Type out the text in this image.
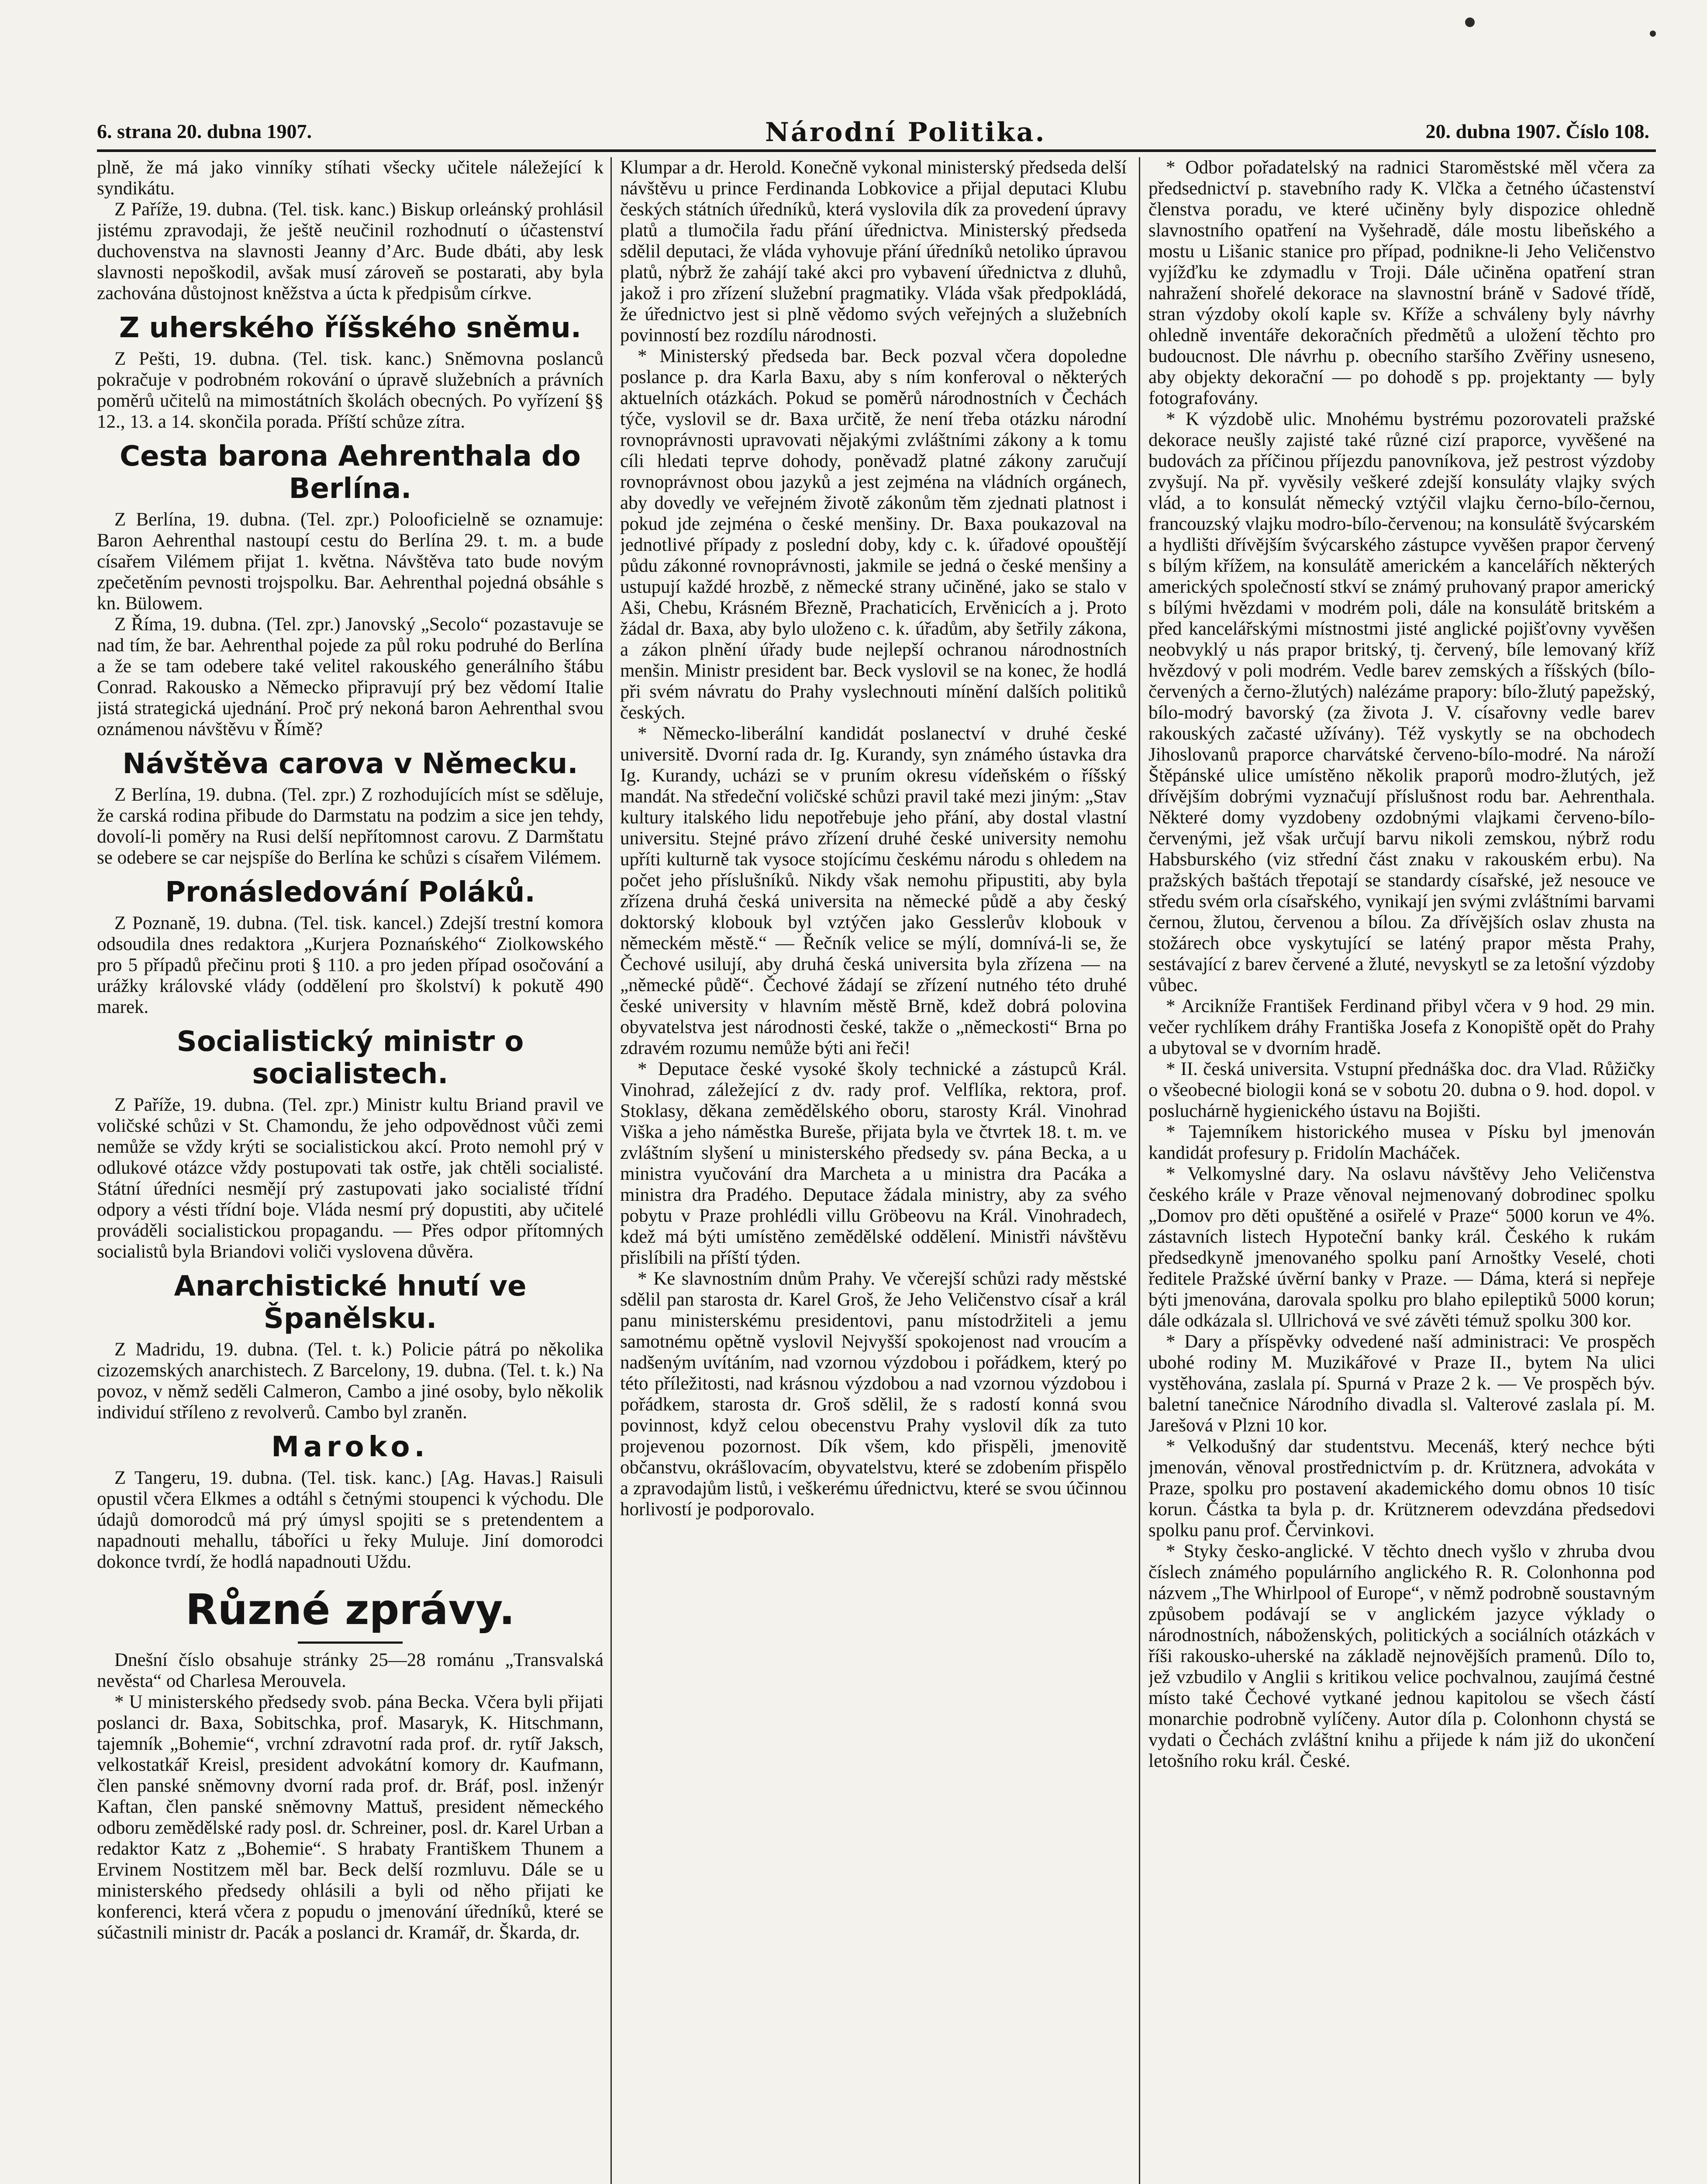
6. strana 20. dubna 1907.	Národní Politika.	20. dubna 1907. Číslo 108.

plně, že má jako vinníky stíhati všecky učitele náležející k syndikátu.

Z Paříže, 19. dubna. (Tel. tisk. kanc.) Biskup orleánský prohlásil jistému zpravodaji, že ještě neučinil rozhodnutí o účastenství duchovenstva na slavnosti Jeanny d’Arc. Bude dbáti, aby lesk slavnosti nepoškodil, avšak musí zároveň se postarati, aby byla zachována důstojnost kněžstva a úcta k předpisům církve.

Z uherského říšského sněmu.

Z Pešti, 19. dubna. (Tel. tisk. kanc.) Sněmovna poslanců pokračuje v podrobném rokování o úpravě služebních a právních poměrů učitelů na mimostátních školách obecných. Po vyřízení §§ 12., 13. a 14. skončila porada. Příští schůze zítra.

Cesta barona Aehrenthala do Berlína.

Z Berlína, 19. dubna. (Tel. zpr.) Polooficielně se oznamuje: Baron Aehrenthal nastoupí cestu do Berlína 29. t. m. a bude císařem Vilémem přijat 1. května. Návštěva tato bude novým zpečetěním pevnosti trojspolku. Bar. Aehrenthal pojedná obsáhle s kn. Bülowem.

Z Říma, 19. dubna. (Tel. zpr.) Janovský „Secolo“ pozastavuje se nad tím, že bar. Aehrenthal pojede za půl roku podruhé do Berlína a že se tam odebere také velitel rakouského generálního štábu Conrad. Rakousko a Německo připravují prý bez vědomí Italie jistá strategická ujednání. Proč prý nekoná baron Aehrenthal svou oznámenou návštěvu v Římě?

Návštěva carova v Německu.

Z Berlína, 19. dubna. (Tel. zpr.) Z rozhodujících míst se sděluje, že carská rodina přibude do Darmstatu na podzim a sice jen tehdy, dovolí-li poměry na Rusi delší nepřítomnost carovu. Z Darmštatu se odebere se car nejspíše do Berlína ke schůzi s císařem Vilémem.

Pronásledování Poláků.

Z Poznaně, 19. dubna. (Tel. tisk. kancel.) Zdejší trestní komora odsoudila dnes redaktora „Kurjera Poznańského“ Ziolkowského pro 5 případů přečinu proti § 110. a pro jeden případ osočování a urážky královské vlády (oddělení pro školství) k pokutě 490 marek.

Socialistický ministr o socialistech.

Z Paříže, 19. dubna. (Tel. zpr.) Ministr kultu Briand pravil ve voličské schůzi v St. Chamondu, že jeho odpovědnost vůči zemi nemůže se vždy krýti se socialistickou akcí. Proto nemohl prý v odlukové otázce vždy postupovati tak ostře, jak chtěli socialisté. Státní úředníci nesmějí prý zastupovati jako socialisté třídní odpory a vésti třídní boje. Vláda nesmí prý dopustiti, aby učitelé prováděli socialistickou propagandu. — Přes odpor přítomných socialistů byla Briandovi voliči vyslovena důvěra.

Anarchistické hnutí ve Španělsku.

Z Madridu, 19. dubna. (Tel. t. k.) Policie pátrá po několika cizozemských anarchistech. Z Barcelony, 19. dubna. (Tel. t. k.) Na povoz, v němž seděli Calmeron, Cambo a jiné osoby, bylo několik individuí stříleno z revolverů. Cambo byl zraněn.

Maroko.

Z Tangeru, 19. dubna. (Tel. tisk. kanc.) [Ag. Havas.] Raisuli opustil včera Elkmes a odtáhl s četnými stoupenci k východu. Dle údajů domorodců má prý úmysl spojiti se s pretendentem a napadnouti mehallu, táboříci u řeky Muluje. Jiní domorodci dokonce tvrdí, že hodlá napadnouti Uždu.

Různé zprávy.

Dnešní číslo obsahuje stránky 25—28 románu „Transvalská nevěsta“ od Charlesa Merouvela.

* U ministerského předsedy svob. pána Becka. Včera byli přijati poslanci dr. Baxa, Sobitschka, prof. Masaryk, K. Hitschmann, tajemník „Bohemie“, vrchní zdravotní rada prof. dr. rytíř Jaksch, velkostatkář Kreisl, president advokátní komory dr. Kaufmann, člen panské sněmovny dvorní rada prof. dr. Bráf, posl. inženýr Kaftan, člen panské sněmovny Mattuš, president německého odboru zemědělské rady posl. dr. Schreiner, posl. dr. Karel Urban a redaktor Katz z „Bohemie“. S hrabaty Františkem Thunem a Ervinem Nostitzem měl bar. Beck delší rozmluvu. Dále se u ministerského předsedy ohlásili a byli od něho přijati ke konferenci, která včera z popudu o jmenování úředníků, které se súčastnili ministr dr. Pacák a poslanci dr. Kramář, dr. Škarda, dr.

Klumpar a dr. Herold. Konečně vykonal ministerský předseda delší návštěvu u prince Ferdinanda Lobkovice a přijal deputaci Klubu českých státních úředníků, která vyslovila dík za provedení úpravy platů a tlumočila řadu přání úřednictva. Ministerský předseda sdělil deputaci, že vláda vyhovuje přání úředníků netoliko úpravou platů, nýbrž že zahájí také akci pro vybavení úřednictva z dluhů, jakož i pro zřízení služební pragmatiky. Vláda však předpokládá, že úřednictvo jest si plně vědomo svých veřejných a služebních povinností bez rozdílu národnosti.

* Ministerský předseda bar. Beck pozval včera dopoledne poslance p. dra Karla Baxu, aby s ním konferoval o některých aktuelních otázkách. Pokud se poměrů národnostních v Čechách týče, vyslovil se dr. Baxa určitě, že není třeba otázku národní rovnoprávnosti upravovati nějakými zvláštními zákony a k tomu cíli hledati teprve dohody, poněvadž platné zákony zaručují rovnoprávnost obou jazyků a jest zejména na vládních orgánech, aby dovedly ve veřejném životě zákonům těm zjednati platnost i pokud jde zejména o české menšiny. Dr. Baxa poukazoval na jednotlivé případy z poslední doby, kdy c. k. úřadové opouštějí půdu zákonné rovnoprávnosti, jakmile se jedná o české menšiny a ustupují každé hrozbě, z německé strany učiněné, jako se stalo v Aši, Chebu, Krásném Březně, Prachaticích, Ervěnicích a j. Proto žádal dr. Baxa, aby bylo uloženo c. k. úřadům, aby šetřily zákona, a zákon plnění úřady bude nejlepší ochranou národnostních menšin. Ministr president bar. Beck vyslovil se na konec, že hodlá při svém návratu do Prahy vyslechnouti mínění dalších politiků českých.

* Německo-liberální kandidát poslanectví v druhé české universitě. Dvorní rada dr. Ig. Kurandy, syn známého ústavka dra Ig. Kurandy, ucházi se v pruním okresu vídeňském o říšský mandát. Na středeční voličské schůzi pravil také mezi jiným: „Stav kultury italského lidu nepotřebuje jeho přání, aby dostal vlastní universitu. Stejné právo zřízení druhé české university nemohu upříti kulturně tak vysoce stojícímu českému národu s ohledem na počet jeho příslušníků. Nikdy však nemohu připustiti, aby byla zřízena druhá česká universita na německé půdě a aby český doktorský klobouk byl vztýčen jako Gesslerův klobouk v německém městě.“ — Řečník velice se mýlí, domnívá-li se, že Čechové usilují, aby druhá česká universita byla zřízena — na „německé půdě“. Čechové žádají se zřízení nutného této druhé české university v hlavním městě Brně, kdež dobrá polovina obyvatelstva jest národnosti české, takže o „německosti“ Brna po zdravém rozumu nemůže býti ani řeči!

* Deputace české vysoké školy technické a zástupců Král. Vinohrad, záležející z dv. rady prof. Velflíka, rektora, prof. Stoklasy, děkana zemědělského oboru, starosty Král. Vinohrad Viška a jeho náměstka Bureše, přijata byla ve čtvrtek 18. t. m. ve zvláštním slyšení u ministerského předsedy sv. pána Becka, a u ministra vyučování dra Marcheta a u ministra dra Pacáka a ministra dra Pradého. Deputace žádala ministry, aby za svého pobytu v Praze prohlédli villu Gröbeovu na Král. Vinohradech, kdež má býti umístěno zemědělské oddělení. Ministři návštěvu přislíbili na příští týden.

* Ke slavnostním dnům Prahy. Ve včerejší schůzi rady městské sdělil pan starosta dr. Karel Groš, že Jeho Veličenstvo císař a král panu ministerskému presidentovi, panu místodržiteli a jemu samotnému opětně vyslovil Nejvyšší spokojenost nad vroucím a nadšeným uvítáním, nad vzornou výzdobou i pořádkem, který po této příležitosti, nad krásnou výzdobou a nad vzornou výzdobou i pořádkem, starosta dr. Groš sdělil, že s radostí konná svou povinnost, když celou obecenstvu Prahy vyslovil dík za tuto projevenou pozornost. Dík všem, kdo přispěli, jmenovitě občanstvu, okrášlovacím, obyvatelstvu, které se zdobením přispělo a zpravodajům listů, i veškerému úřednictvu, které se svou účinnou horlivostí je podporovalo.

* Odbor pořadatelský na radnici Staroměstské měl včera za předsednictví p. stavebního rady K. Vlčka a četného účastenství členstva poradu, ve které učiněny byly dispozice ohledně slavnostního opatření na Vyšehradě, dále mostu libeňského a mostu u Lišanic stanice pro případ, podnikne-li Jeho Veličenstvo vyjížďku ke zdymadlu v Troji. Dále učiněna opatření stran nahražení shořelé dekorace na slavnostní bráně v Sadové třídě, stran výzdoby okolí kaple sv. Kříže a schváleny byly návrhy ohledně inventáře dekoračních předmětů a uložení těchto pro budoucnost. Dle návrhu p. obecního staršího Zvěřiny usneseno, aby objekty dekorační — po dohodě s pp. projektanty — byly fotografovány.

* K výzdobě ulic. Mnohému bystrému pozorovateli pražské dekorace neušly zajisté také různé cizí praporce, vyvěšené na budovách za příčinou příjezdu panovníkova, jež pestrost výzdoby zvyšují. Na př. vyvěsily veškeré zdejší konsuláty vlajky svých vlád, a to konsulát německý vztýčil vlajku černo-bílo-černou, francouzský vlajku modro-bílo-červenou; na konsulátě švýcarském a hydlišti dřívějším švýcarského zástupce vyvěšen prapor červený s bílým křížem, na konsulátě americkém a kancelářích některých amerických společností stkví se známý pruhovaný prapor americký s bílými hvězdami v modrém poli, dále na konsulátě britském a před kancelářskými místnostmi jisté anglické pojišťovny vyvěšen neobvyklý u nás prapor britský, tj. červený, bíle lemovaný kříž hvězdový v poli modrém. Vedle barev zemských a říšských (bílo-červených a černo-žlutých) nalézáme prapory: bílo-žlutý papežský, bílo-modrý bavorský (za života J. V. císařovny vedle barev rakouských začasté užívány). Též vyskytly se na obchodech Jihoslovanů praporce charvátské červeno-bílo-modré. Na nároží Štěpánské ulice umístěno několik praporů modro-žlutých, jež dřívějším dobrými vyznačují příslušnost rodu bar. Aehrenthala. Některé domy vyzdobeny ozdobnými vlajkami červeno-bílo-červenými, jež však určují barvu nikoli zemskou, nýbrž rodu Habsburského (viz střední část znaku v rakouském erbu). Na pražských baštách třepotají se standardy císařské, jež nesouce ve středu svém orla císařského, vynikají jen svými zvláštními barvami černou, žlutou, červenou a bílou. Za dřívějších oslav zhusta na stožárech obce vyskytující se laténý prapor města Prahy, sestávající z barev červené a žluté, nevyskytl se za letošní výzdoby vůbec.

* Arcikníže František Ferdinand přibyl včera v 9 hod. 29 min. večer rychlíkem dráhy Františka Josefa z Konopiště opět do Prahy a ubytoval se v dvorním hradě.

* II. česká universita. Vstupní přednáška doc. dra Vlad. Růžičky o všeobecné biologii koná se v sobotu 20. dubna o 9. hod. dopol. v posluchárně hygienického ústavu na Bojišti.

* Tajemníkem historického musea v Písku byl jmenován kandidát profesury p. Fridolín Macháček.

* Velkomyslné dary. Na oslavu návštěvy Jeho Veličenstva českého krále v Praze věnoval nejmenovaný dobrodinec spolku „Domov pro děti opuštěné a osiřelé v Praze“ 5000 korun ve 4%. zástavních listech Hypoteční banky král. Českého k rukám předsedkyně jmenovaného spolku paní Arnoštky Veselé, choti ředitele Pražské úvěrní banky v Praze. — Dáma, která si nepřeje býti jmenována, darovala spolku pro blaho epileptiků 5000 korun; dále odkázala sl. Ullrichová ve své závěti témuž spolku 300 kor.

* Dary a příspěvky odvedené naší administraci: Ve prospěch ubohé rodiny M. Muzikářové v Praze II., bytem Na ulici vystěhována, zaslala pí. Spurná v Praze 2 k. — Ve prospěch býv. baletní tanečnice Národního divadla sl. Valterové zaslala pí. M. Jarešová v Plzni 10 kor.

* Velkodušný dar studentstvu. Mecenáš, který nechce býti jmenován, věnoval prostřednictvím p. dr. Krütznera, advokáta v Praze, spolku pro postavení akademického domu obnos 10 tisíc korun. Částka ta byla p. dr. Krütznerem odevzdána předsedovi spolku panu prof. Červinkovi.

* Styky česko-anglické. V těchto dnech vyšlo v zhruba dvou číslech známého populárního anglického R. R. Colonhonna pod názvem „The Whirlpool of Europe“, v němž podrobně soustavným způsobem podávají se v anglickém jazyce výklady o národnostních, náboženských, politických a sociálních otázkách v říši rakousko-uherské na základě nejnovějších pramenů. Dílo to, jež vzbudilo v Anglii s kritikou velice pochvalnou, zaujímá čestné místo také Čechové vytkané jednou kapitolou se všech částí monarchie podrobně vylíčeny. Autor díla p. Colonhonn chystá se vydati o Čechách zvláštní knihu a přijede k nám již do ukončení letošního roku král. České.
